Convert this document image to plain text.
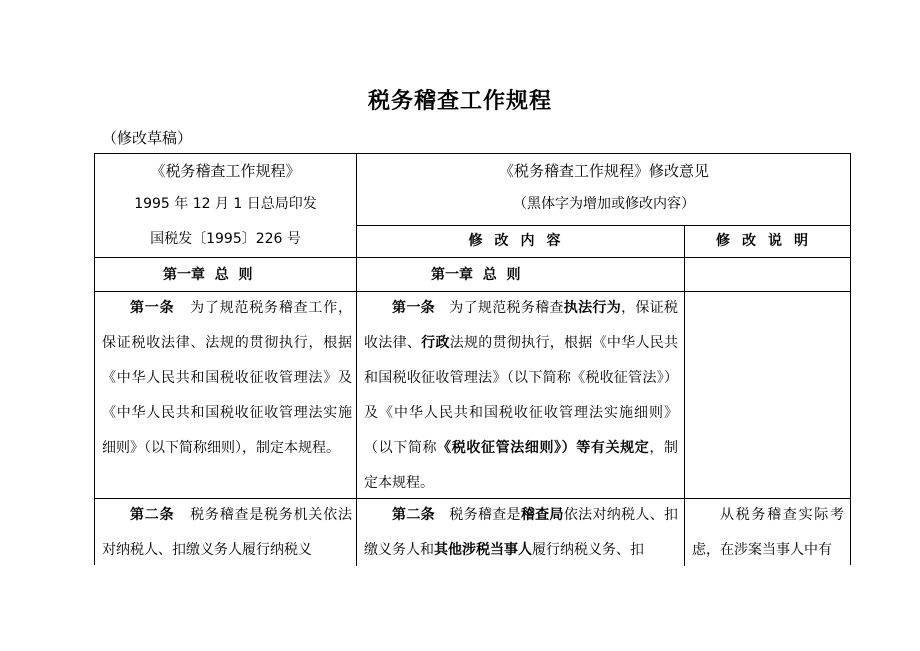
税务稽查工作规程
（修改草稿）
《税务稽查工作规程》
1995 年 12 月 1 日总局印发
国税发〔1995〕226 号
《税务稽查工作规程》修改意见
（黑体字为增加或修改内容）
修改内容	修改说明
第一章  总  则	第一章  总  则
第一条 为了规范税务稽查工作，保证税收法律、法规的贯彻执行，根据《中华人民共和国税收征收管理法》及《中华人民共和国税收征收管理法实施细则》（以下简称细则），制定本规程。
第一条 为了规范税务稽查执法行为，保证税收法律、行政法规的贯彻执行，根据《中华人民共和国税收征收管理法》（以下简称《税收征管法》）及《中华人民共和国税收征收管理法实施细则》（以下简称《税收征管法细则》）等有关规定，制定本规程。
第二条 税务稽查是税务机关依法对纳税人、扣缴义务人履行纳税义
第二条 税务稽查是稽查局依法对纳税人、扣缴义务人和其他涉税当事人履行纳税义务、扣
从税务稽查实际考虑，在涉案当事人中有
